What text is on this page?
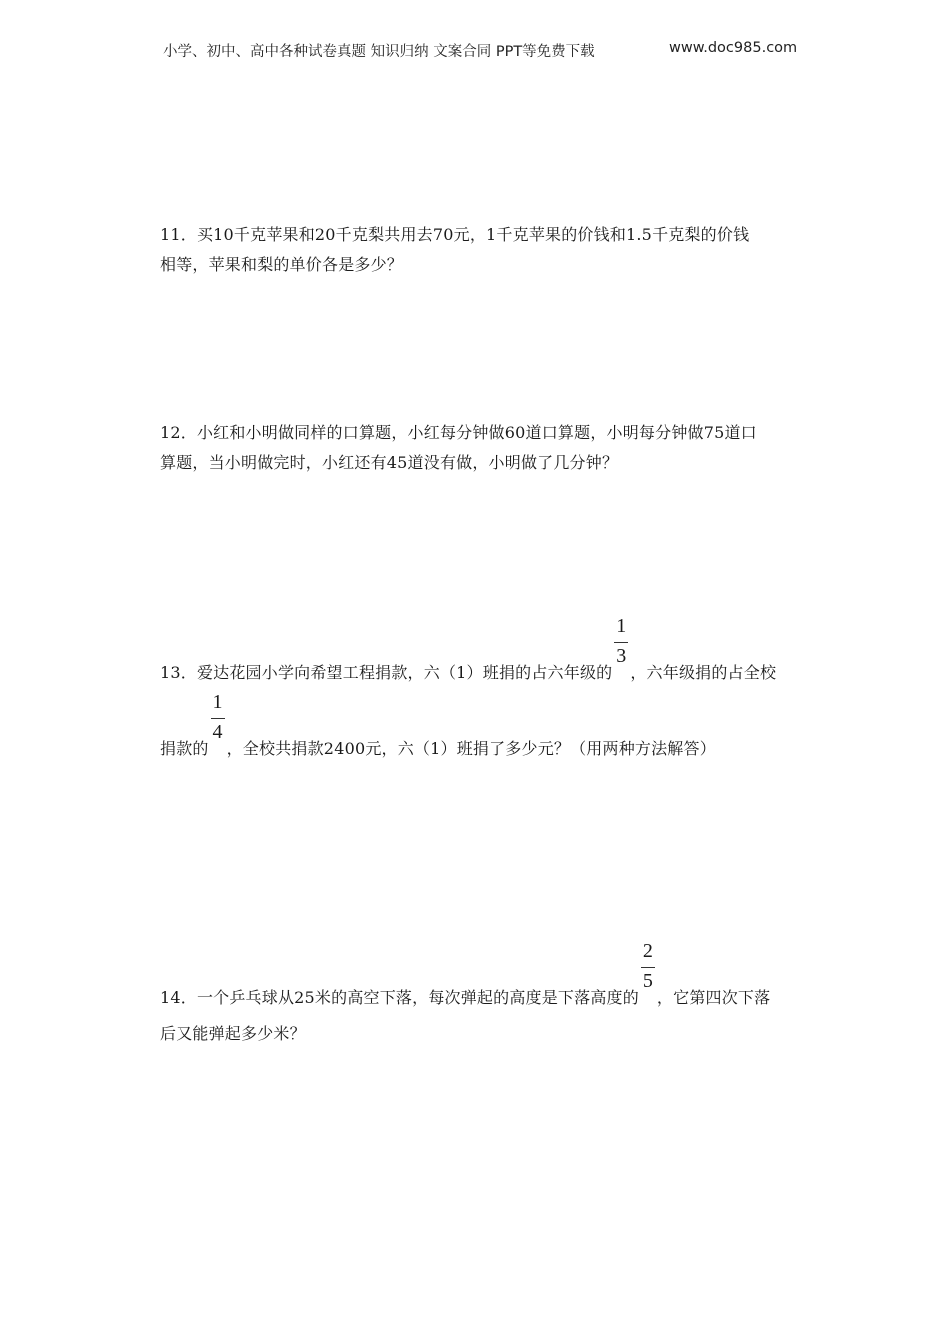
小学、初中、高中各种试卷真题 知识归纳 文案合同 PPT等免费下载	www.doc985.com
11．买10千克苹果和20千克梨共用去70元，1千克苹果的价钱和1.5千克梨的价钱
相等，苹果和梨的单价各是多少？
12．小红和小明做同样的口算题，小红每分钟做60道口算题，小明每分钟做75道口
算题，当小明做完时，小红还有45道没有做，小明做了几分钟？
13．爱达花园小学向希望工程捐款，六（1）班捐的占六年级的 $\frac{1}{3}$ ，六年级捐的占全校
捐款的 $\frac{1}{4}$ ，全校共捐款2400元，六（1）班捐了多少元？（用两种方法解答）
14．一个乒乓球从25米的高空下落，每次弹起的高度是下落高度的 $\frac{2}{5}$ ，它第四次下落
后又能弹起多少米？
